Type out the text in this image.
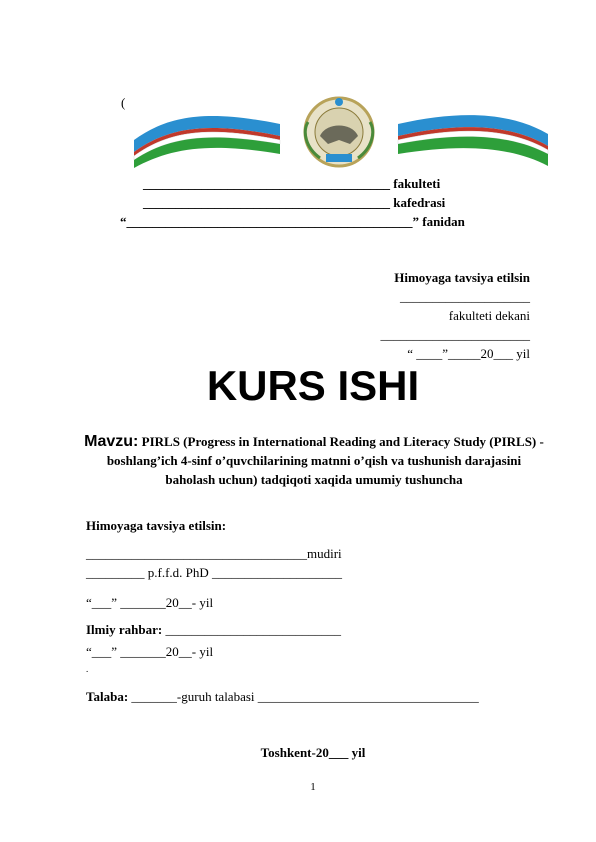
(
______________________________________ fakulteti
______________________________________ kafedrasi
“____________________________________________” fanidan
Himoyaga tavsiya etilsin
____________________
fakulteti dekani
_______________________
“ ____”_____20___ yil
KURS ISHI
Mavzu: PIRLS (Progress in International Reading and Literacy Study (PIRLS) - boshlang’ich 4-sinf o’quvchilarining matnni o’qish va tushunish darajasini baholash uchun) tadqiqoti xaqida umumiy tushuncha
Himoyaga tavsiya etilsin:
__________________________________mudiri
_________ p.f.f.d. PhD ____________________
“___” _______20__- yil
Ilmiy rahbar: ___________________________
“___” _______20__- yil
.
Talaba: _______-guruh talabasi __________________________________
Toshkent-20___ yil
1
